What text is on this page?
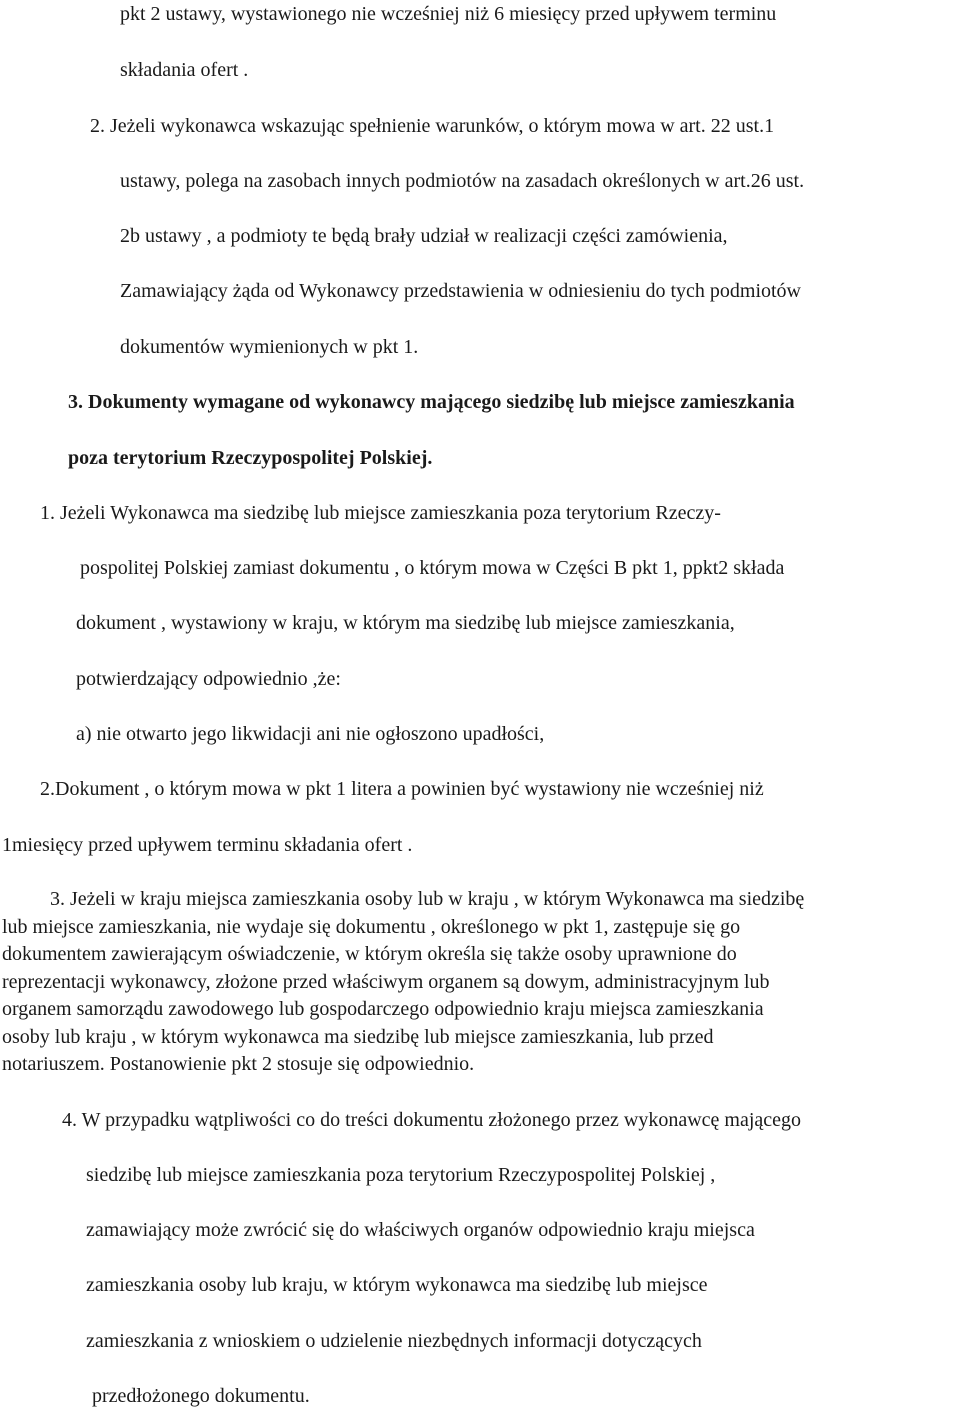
pkt 2 ustawy, wystawionego nie wcześniej niż 6 miesięcy przed upływem terminu

składania ofert .

2. Jeżeli wykonawca wskazując spełnienie warunków, o którym mowa w art. 22 ust.1

ustawy, polega na zasobach innych podmiotów na zasadach określonych w art.26 ust.

2b ustawy , a podmioty te będą brały udział w realizacji części zamówienia,

Zamawiający żąda od Wykonawcy przedstawienia w odniesieniu do tych podmiotów

dokumentów wymienionych w pkt 1.

3. Dokumenty wymagane od wykonawcy mającego siedzibę lub miejsce zamieszkania

poza terytorium Rzeczypospolitej Polskiej.

1. Jeżeli Wykonawca ma siedzibę lub miejsce zamieszkania poza terytorium Rzeczy-

pospolitej Polskiej zamiast dokumentu , o którym mowa w Części B pkt 1, ppkt2 składa

dokument , wystawiony w kraju, w którym ma siedzibę lub miejsce zamieszkania,

potwierdzający odpowiednio ,że:

a) nie otwarto jego likwidacji ani nie ogłoszono upadłości,

2.Dokument , o którym mowa w pkt 1 litera a powinien być wystawiony nie wcześniej niż

1miesięcy przed upływem terminu składania ofert .

3. Jeżeli w kraju miejsca zamieszkania osoby lub w kraju , w którym Wykonawca ma siedzibę
lub miejsce zamieszkania, nie wydaje się dokumentu , określonego w pkt 1, zastępuje się go
dokumentem zawierającym oświadczenie, w którym określa się także osoby uprawnione do
reprezentacji wykonawcy, złożone przed właściwym organem są dowym, administracyjnym lub
organem samorządu zawodowego lub gospodarczego odpowiednio kraju miejsca zamieszkania
osoby lub kraju , w którym wykonawca ma siedzibę lub miejsce zamieszkania, lub przed
notariuszem. Postanowienie pkt 2 stosuje się odpowiednio.

4. W przypadku wątpliwości co do treści dokumentu złożonego przez wykonawcę mającego

siedzibę lub miejsce zamieszkania poza terytorium Rzeczypospolitej Polskiej ,

zamawiający może zwrócić się do właściwych organów odpowiednio kraju miejsca

zamieszkania osoby lub kraju, w którym wykonawca ma siedzibę lub miejsce

zamieszkania z wnioskiem o udzielenie niezbędnych informacji dotyczących

przedłożonego dokumentu.
